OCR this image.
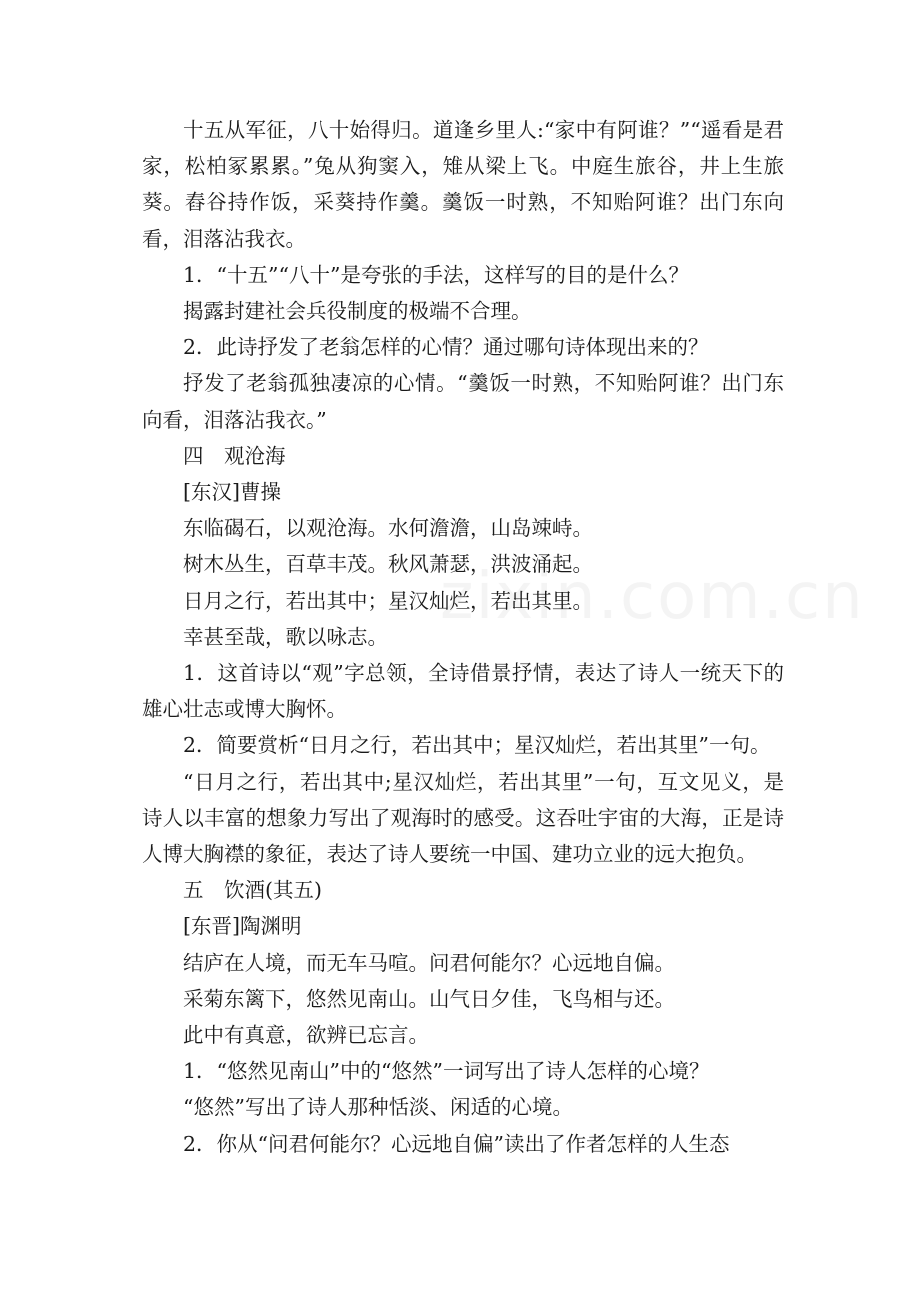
十五从军征，八十始得归。道逢乡里人:“家中有阿谁？”“遥看是君家，松柏冢累累。”兔从狗窦入，雉从梁上飞。中庭生旅谷，井上生旅葵。舂谷持作饭，采葵持作羹。羹饭一时熟，不知贻阿谁？出门东向看，泪落沾我衣。

1．“十五”“八十”是夸张的手法，这样写的目的是什么？

揭露封建社会兵役制度的极端不合理。

2．此诗抒发了老翁怎样的心情？通过哪句诗体现出来的？

抒发了老翁孤独凄凉的心情。“羹饭一时熟，不知贻阿谁？出门东向看，泪落沾我衣。”

四　观沧海

[东汉]曹操

东临碣石，以观沧海。水何澹澹，山岛竦峙。

树木丛生，百草丰茂。秋风萧瑟，洪波涌起。

日月之行，若出其中；星汉灿烂，若出其里。

幸甚至哉，歌以咏志。

1．这首诗以“观”字总领，全诗借景抒情，表达了诗人一统天下的雄心壮志或博大胸怀。

2．简要赏析“日月之行，若出其中；星汉灿烂，若出其里”一句。

“日月之行，若出其中;星汉灿烂，若出其里”一句，互文见义，是诗人以丰富的想象力写出了观海时的感受。这吞吐宇宙的大海，正是诗人博大胸襟的象征，表达了诗人要统一中国、建功立业的远大抱负。

五　饮酒(其五)

[东晋]陶渊明

结庐在人境，而无车马喧。问君何能尔？心远地自偏。

采菊东篱下，悠然见南山。山气日夕佳，飞鸟相与还。

此中有真意，欲辨已忘言。

1．“悠然见南山”中的“悠然”一词写出了诗人怎样的心境？

“悠然”写出了诗人那种恬淡、闲适的心境。

2．你从“问君何能尔？心远地自偏”读出了作者怎样的人生态
